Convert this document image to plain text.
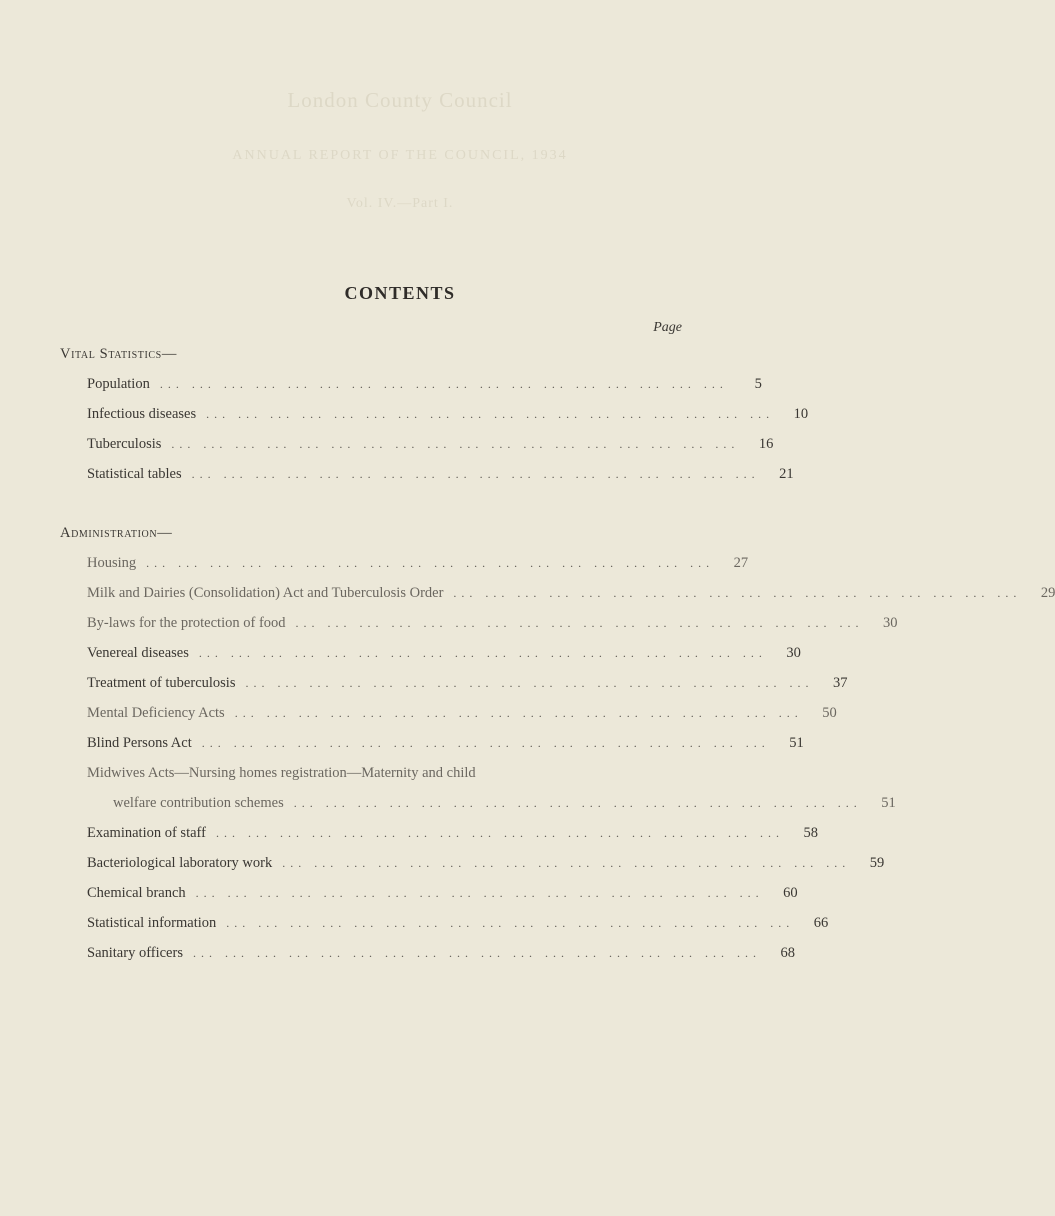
London County Council
ANNUAL REPORT OF THE COUNCIL, 1934
Vol. IV.—Part I.
CONTENTS
Page
Vital Statistics—
Population ... ... ... ... ... ... ... ... ... ... ... ... ... ... ... ... ... ...	5
Infectious diseases ... ... ... ... ... ... ... ... ... ... ... ... ... ... ... ... ... ...	10
Tuberculosis ... ... ... ... ... ... ... ... ... ... ... ... ... ... ... ... ... ...	16
Statistical tables ... ... ... ... ... ... ... ... ... ... ... ... ... ... ... ... ... ...	21
Administration—
Housing ... ... ... ... ... ... ... ... ... ... ... ... ... ... ... ... ... ...	27
Milk and Dairies (Consolidation) Act and Tuberculosis Order ... ... ... ... ... ... ... ... ... ... ... ... ... ... ... ... ... ...	29
By-laws for the protection of food ... ... ... ... ... ... ... ... ... ... ... ... ... ... ... ... ... ...	30
Venereal diseases ... ... ... ... ... ... ... ... ... ... ... ... ... ... ... ... ... ...	30
Treatment of tuberculosis ... ... ... ... ... ... ... ... ... ... ... ... ... ... ... ... ... ...	37
Mental Deficiency Acts ... ... ... ... ... ... ... ... ... ... ... ... ... ... ... ... ... ...	50
Blind Persons Act ... ... ... ... ... ... ... ... ... ... ... ... ... ... ... ... ... ...	51
Midwives Acts—Nursing homes registration—Maternity and child
welfare contribution schemes ... ... ... ... ... ... ... ... ... ... ... ... ... ... ... ... ... ...	51
Examination of staff ... ... ... ... ... ... ... ... ... ... ... ... ... ... ... ... ... ...	58
Bacteriological laboratory work ... ... ... ... ... ... ... ... ... ... ... ... ... ... ... ... ... ...	59
Chemical branch ... ... ... ... ... ... ... ... ... ... ... ... ... ... ... ... ... ...	60
Statistical information ... ... ... ... ... ... ... ... ... ... ... ... ... ... ... ... ... ...	66
Sanitary officers ... ... ... ... ... ... ... ... ... ... ... ... ... ... ... ... ... ...	68
